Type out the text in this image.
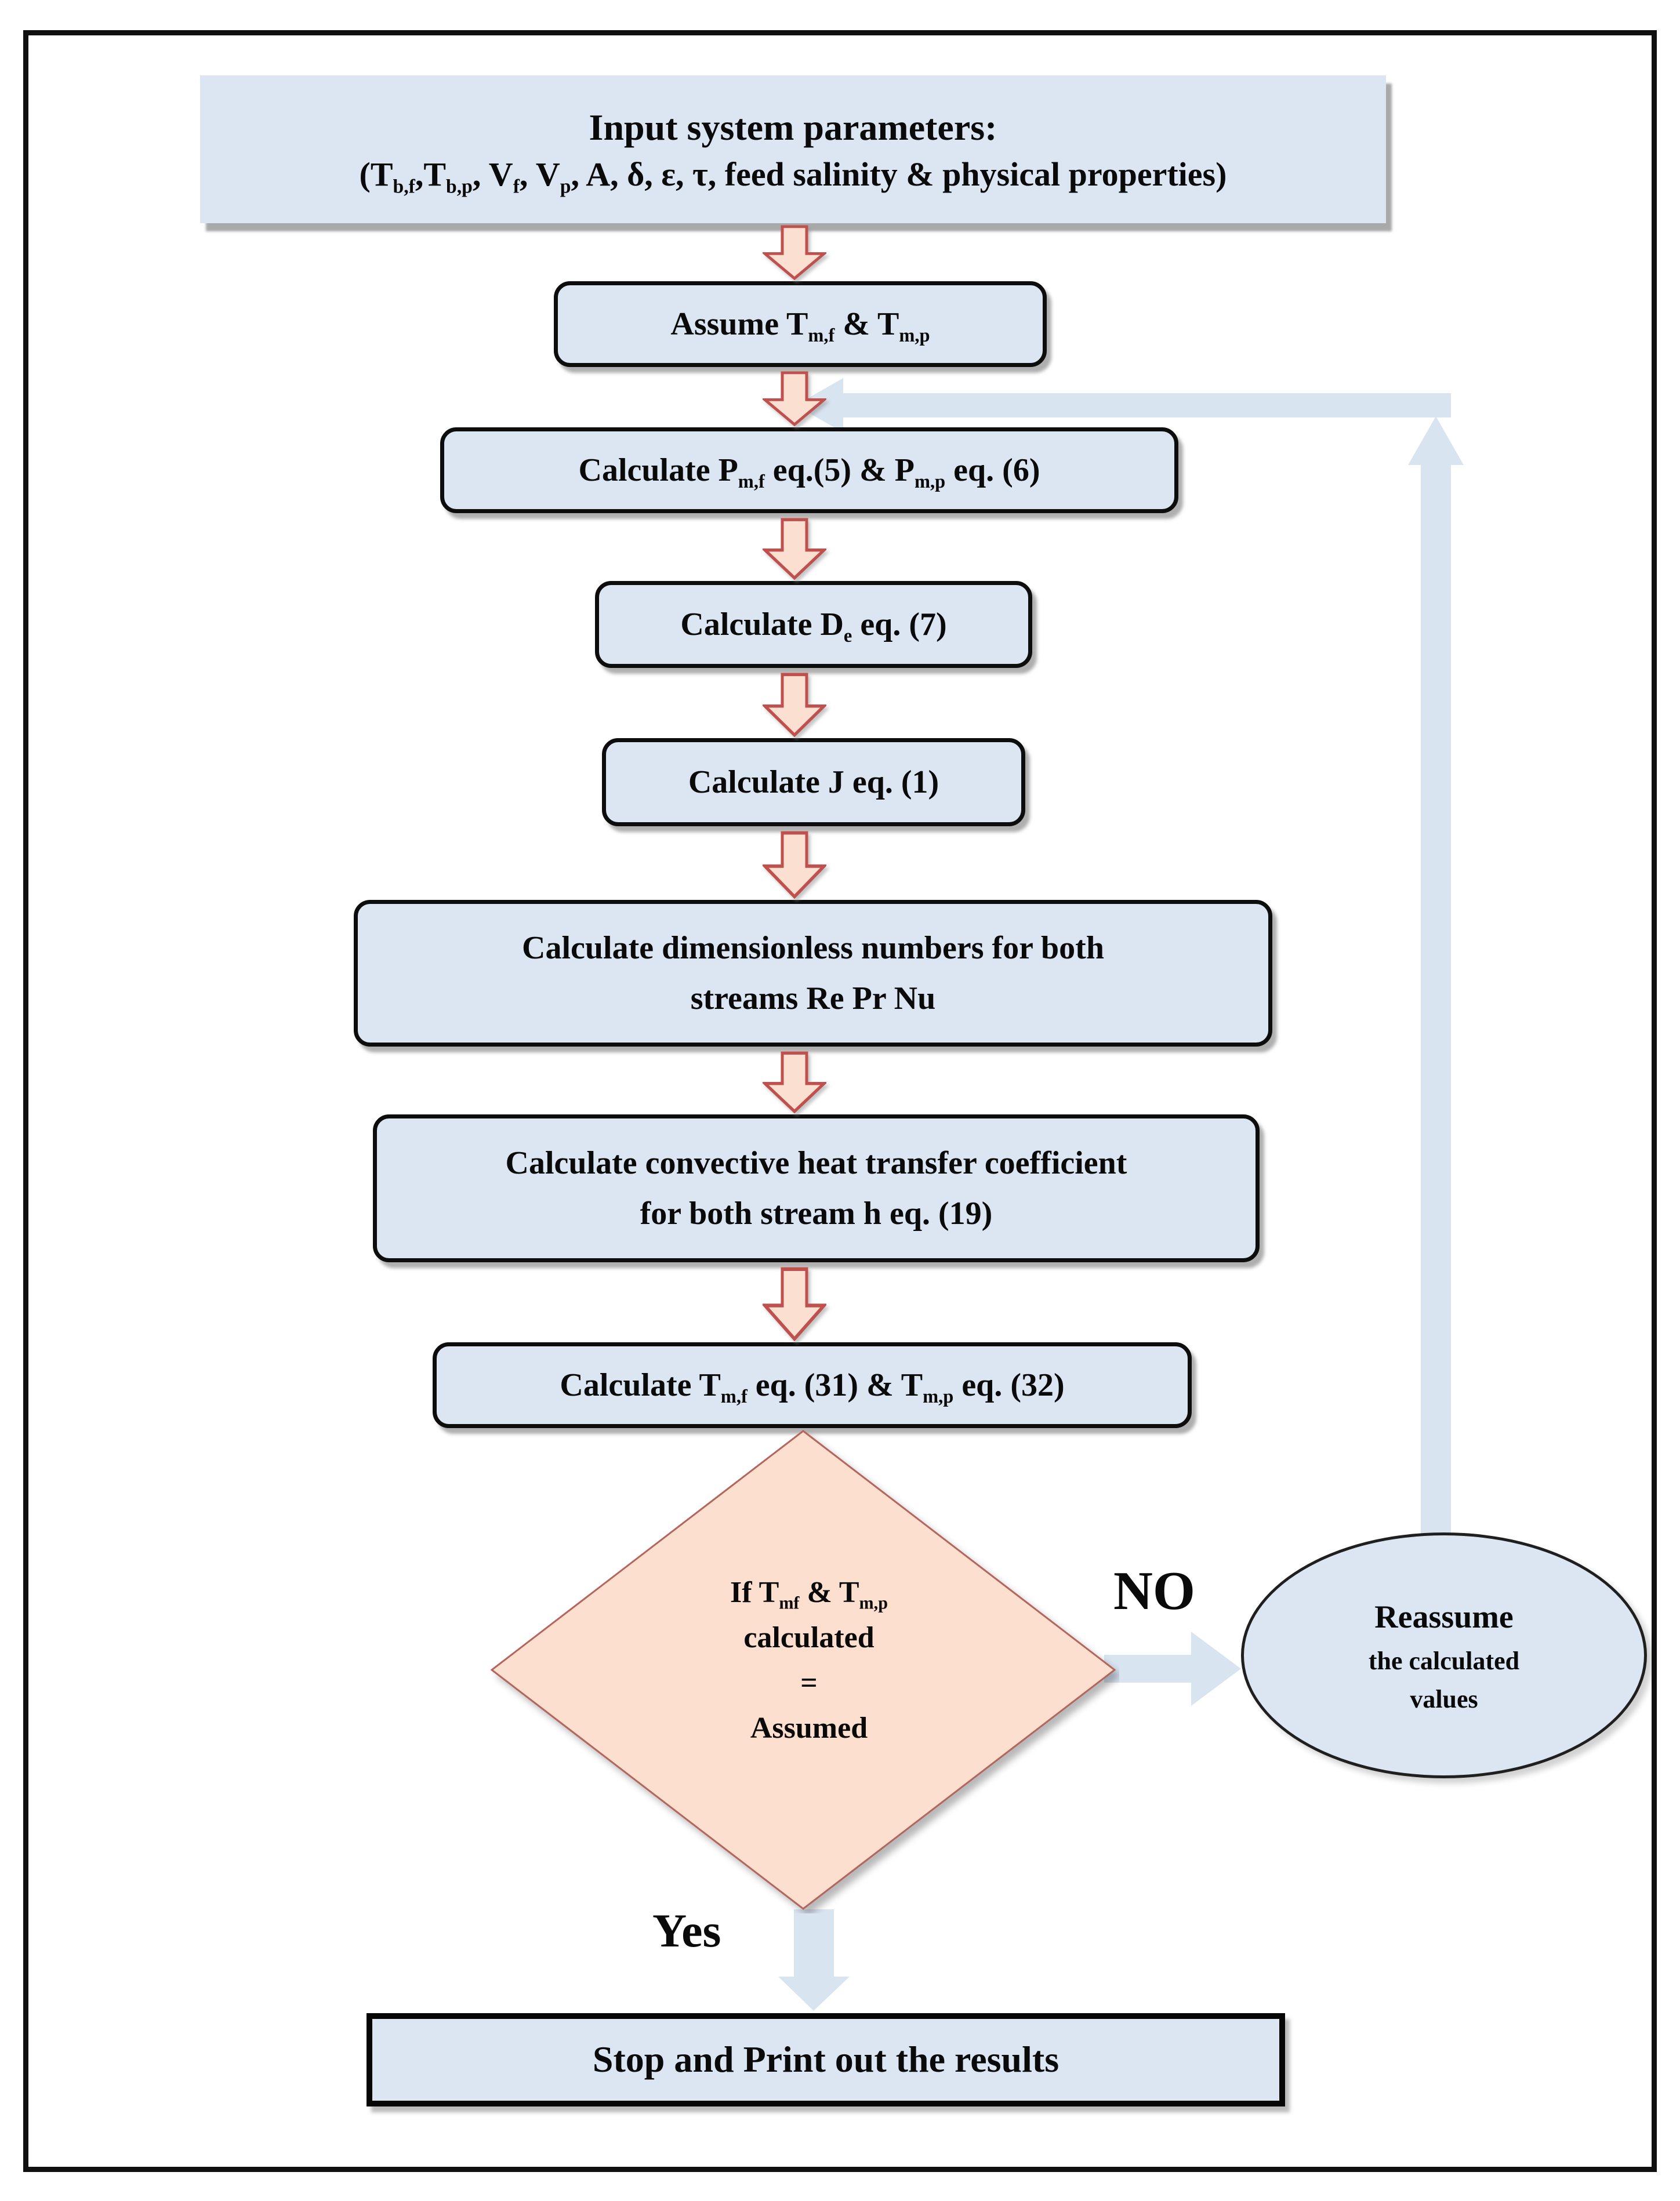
Input system parameters:
($T_{b,f},T_{b,p}$, $V_f$, $V_p$, A, δ, ε, τ, feed salinity & physical properties)
Assume $T_{m,f}$ & $T_{m,p}$
Calculate $P_{m,f}$ eq.(5) & $P_{m,p}$ eq. (6)
Calculate $D_e$ eq. (7)
Calculate J eq. (1)
Calculate dimensionless numbers for both
streams Re Pr Nu
Calculate convective heat transfer coefficient
for both stream h eq. (19)
Calculate $T_{m,f}$ eq. (31) & $T_{m,p}$ eq. (32)
If $T_{mf}$ & $T_{m,p}$
calculated
=
Assumed
Reassume
the calculated
values
Stop and Print out the results
NO
Yes
